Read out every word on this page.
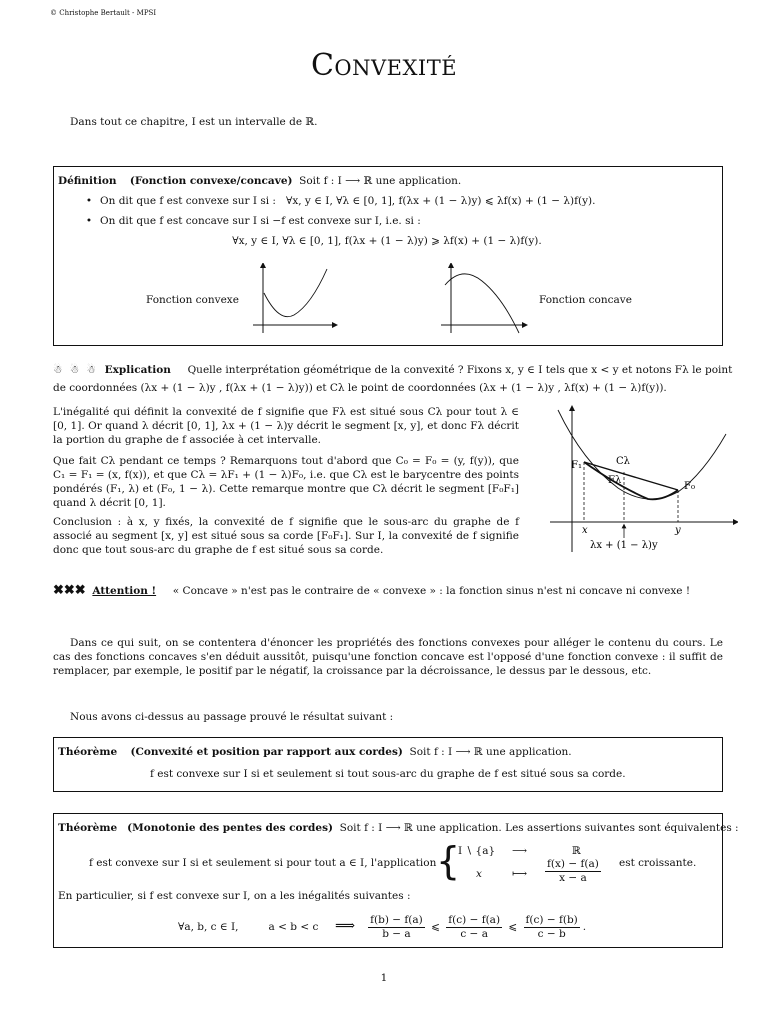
© Christophe Bertault - MPSI
Convexité
Dans tout ce chapitre, I est un intervalle de ℝ.
Définition (Fonction convexe/concave) Soit f : I ⟶ ℝ une application.
• On dit que f est convexe sur I si : ∀x, y ∈ I, ∀λ ∈ [0, 1], f(λx + (1 − λ)y) ⩽ λf(x) + (1 − λ)f(y).
• On dit que f est concave sur I si −f est convexe sur I, i.e. si :
∀x, y ∈ I, ∀λ ∈ [0, 1], f(λx + (1 − λ)y) ⩾ λf(x) + (1 − λ)f(y).
Fonction convexe	Fonction concave
☃ ☃ ☃ Explication Quelle interprétation géométrique de la convexité ? Fixons x, y ∈ I tels que x < y et notons Fλ le point
de coordonnées (λx + (1 − λ)y , f(λx + (1 − λ)y)) et Cλ le point de coordonnées (λx + (1 − λ)y , λf(x) + (1 − λ)f(y)).
L'inégalité qui définit la convexité de f signifie que Fλ est situé sous Cλ pour tout λ ∈ [0, 1]. Or quand λ décrit [0, 1], λx + (1 − λ)y décrit le segment [x, y], et donc Fλ décrit la portion du graphe de f associée à cet intervalle.
Que fait Cλ pendant ce temps ? Remarquons tout d'abord que C₀ = F₀ = (y, f(y)), que C₁ = F₁ = (x, f(x)), et que Cλ = λF₁ + (1 − λ)F₀, i.e. que Cλ est le barycentre des points pondérés (F₁, λ) et (F₀, 1 − λ). Cette remarque montre que Cλ décrit le segment [F₀F₁] quand λ décrit [0, 1].
Conclusion : à x, y fixés, la convexité de f signifie que le sous-arc du graphe de f associé au segment [x, y] est situé sous sa corde [F₀F₁]. Sur I, la convexité de f signifie donc que tout sous-arc du graphe de f est situé sous sa corde.
F₁
F₀
Cλ
Fλ
x	y
λx + (1 − λ)y
✖✖✖ Attention ! « Concave » n'est pas le contraire de « convexe » : la fonction sinus n'est ni concave ni convexe !
Dans ce qui suit, on se contentera d'énoncer les propriétés des fonctions convexes pour alléger le contenu du cours. Le cas des fonctions concaves s'en déduit aussitôt, puisqu'une fonction concave est l'opposé d'une fonction convexe : il suffit de remplacer, par exemple, le positif par le négatif, la croissance par la décroissance, le dessus par le dessous, etc.
Nous avons ci-dessus au passage prouvé le résultat suivant :
Théorème (Convexité et position par rapport aux cordes) Soit f : I ⟶ ℝ une application.
f est convexe sur I si et seulement si tout sous-arc du graphe de f est situé sous sa corde.
Théorème (Monotonie des pentes des cordes) Soit f : I ⟶ ℝ une application. Les assertions suivantes sont équivalentes :
f est convexe sur I si et seulement si pour tout a ∈ I, l'application {
I ∖ {a} ⟶	ℝ
x	⟼ $\frac{f(x) - f(a)}{x - a}$ est croissante.
En particulier, si f est convexe sur I, on a les inégalités suivantes :
∀a, b, c ∈ I,	a < b < c ⟹ $\frac{f(b) - f(a)}{b - a}$ ⩽ $\frac{f(c) - f(a)}{c - a}$ ⩽ $\frac{f(c) - f(b)}{c - b}$ .
1
